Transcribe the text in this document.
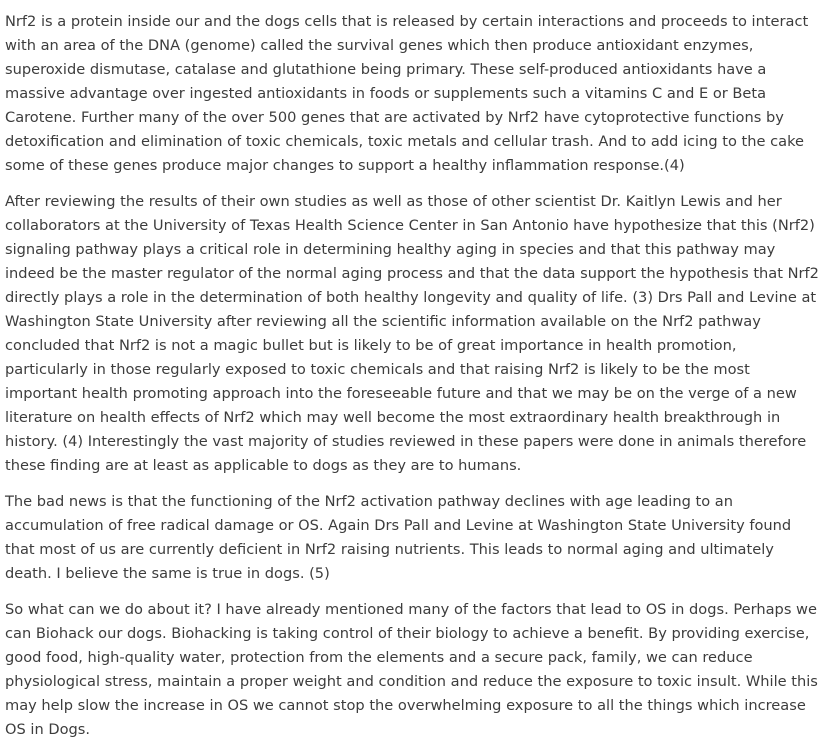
Nrf2 is a protein inside our and the dogs cells that is released by certain interactions and proceeds to interact with an area of the DNA (genome) called the survival genes which then produce antioxidant enzymes, superoxide dismutase, catalase and glutathione being primary. These self-produced antioxidants have a massive advantage over ingested antioxidants in foods or supplements such a vitamins C and E or Beta Carotene. Further many of the over 500 genes that are activated by Nrf2 have cytoprotective functions by detoxification and elimination of toxic chemicals, toxic metals and cellular trash. And to add icing to the cake some of these genes produce major changes to support a healthy inflammation response.(4)

After reviewing the results of their own studies as well as those of other scientist Dr. Kaitlyn Lewis and her collaborators at the University of Texas Health Science Center in San Antonio have hypothesize that this (Nrf2) signaling pathway plays a critical role in determining healthy aging in species and that this pathway may indeed be the master regulator of the normal aging process and that the data support the hypothesis that Nrf2 directly plays a role in the determination of both healthy longevity and quality of life. (3) Drs Pall and Levine at Washington State University after reviewing all the scientific information available on the Nrf2 pathway concluded that Nrf2 is not a magic bullet but is likely to be of great importance in health promotion, particularly in those regularly exposed to toxic chemicals and that raising Nrf2 is likely to be the most important health promoting approach into the foreseeable future and that we may be on the verge of a new literature on health effects of Nrf2 which may well become the most extraordinary health breakthrough in history. (4) Interestingly the vast majority of studies reviewed in these papers were done in animals therefore these finding are at least as applicable to dogs as they are to humans.

The bad news is that the functioning of the Nrf2 activation pathway declines with age leading to an accumulation of free radical damage or OS. Again Drs Pall and Levine at Washington State University found that most of us are currently deficient in Nrf2 raising nutrients. This leads to normal aging and ultimately death. I believe the same is true in dogs. (5)

So what can we do about it? I have already mentioned many of the factors that lead to OS in dogs. Perhaps we can Biohack our dogs. Biohacking is taking control of their biology to achieve a benefit. By providing exercise, good food, high-quality water, protection from the elements and a secure pack, family, we can reduce physiological stress, maintain a proper weight and condition and reduce the exposure to toxic insult. While this may help slow the increase in OS we cannot stop the overwhelming exposure to all the things which increase OS in Dogs.
